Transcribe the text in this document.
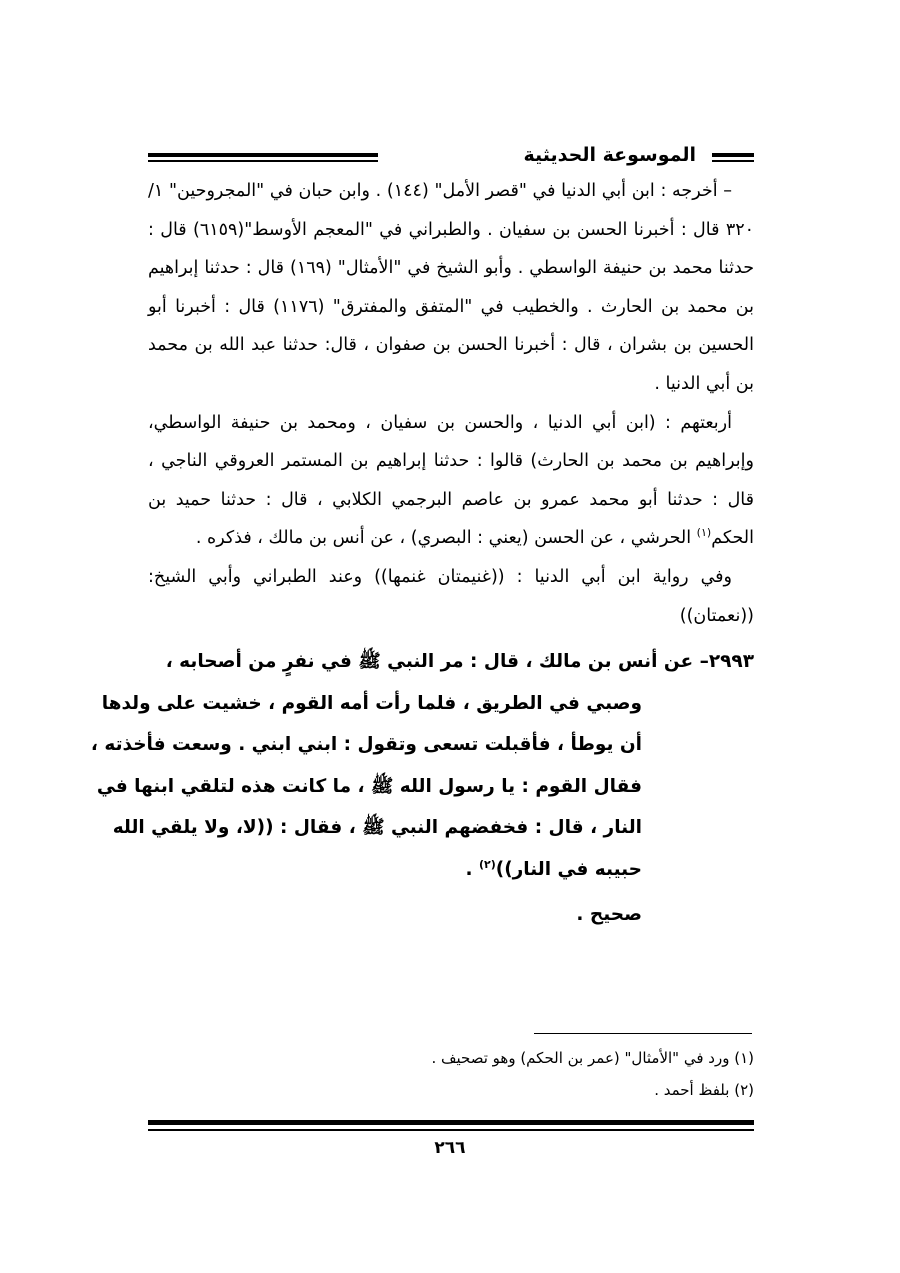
الموسوعة الحديثية

– أخرجه : ابن أبي الدنيا في "قصر الأمل" (١٤٤) . وابن حبان في "المجروحين" ١/ ٣٢٠ قال : أخبرنا الحسن بن سفيان . والطبراني في "المعجم الأوسط"(٦١٥٩) قال : حدثنا محمد بن حنيفة الواسطي . وأبو الشيخ في "الأمثال" (١٦٩) قال : حدثنا إبراهيم بن محمد بن الحارث . والخطيب في "المتفق والمفترق" (١١٧٦) قال : أخبرنا أبو الحسين بن بشران ، قال : أخبرنا الحسن بن صفوان ، قال: حدثنا عبد الله بن محمد بن أبي الدنيا .

أربعتهم : (ابن أبي الدنيا ، والحسن بن سفيان ، ومحمد بن حنيفة الواسطي، وإبراهيم بن محمد بن الحارث) قالوا : حدثنا إبراهيم بن المستمر العروقي الناجي ، قال : حدثنا أبو محمد عمرو بن عاصم البرجمي الكلابي ، قال : حدثنا حميد بن الحكم$^{(١)}$ الحرشي ، عن الحسن (يعني : البصري) ، عن أنس بن مالك ، فذكره .

وفي رواية ابن أبي الدنيا : ((غنيمتان غنمها)) وعند الطبراني وأبي الشيخ: ((نعمتان))

٢٩٩٣– عن أنس بن مالك ، قال : مر النبي ﷺ في نفرٍ من أصحابه ،
وصبي في الطريق ، فلما رأت أمه القوم ، خشيت على ولدها
أن يوطأ ، فأقبلت تسعى وتقول : ابني ابني . وسعت فأخذته ،
فقال القوم : يا رسول الله ﷺ ، ما كانت هذه لتلقي ابنها في
النار ، قال : فخفضهم النبي ﷺ ، فقال : ((لا، ولا يلقي الله
حبيبه في النار))$^{(٢)}$ .

صحيح .

(١) ورد في "الأمثال" (عمر بن الحكم) وهو تصحيف .
(٢) بلفظ أحمد .
٢٦٦
